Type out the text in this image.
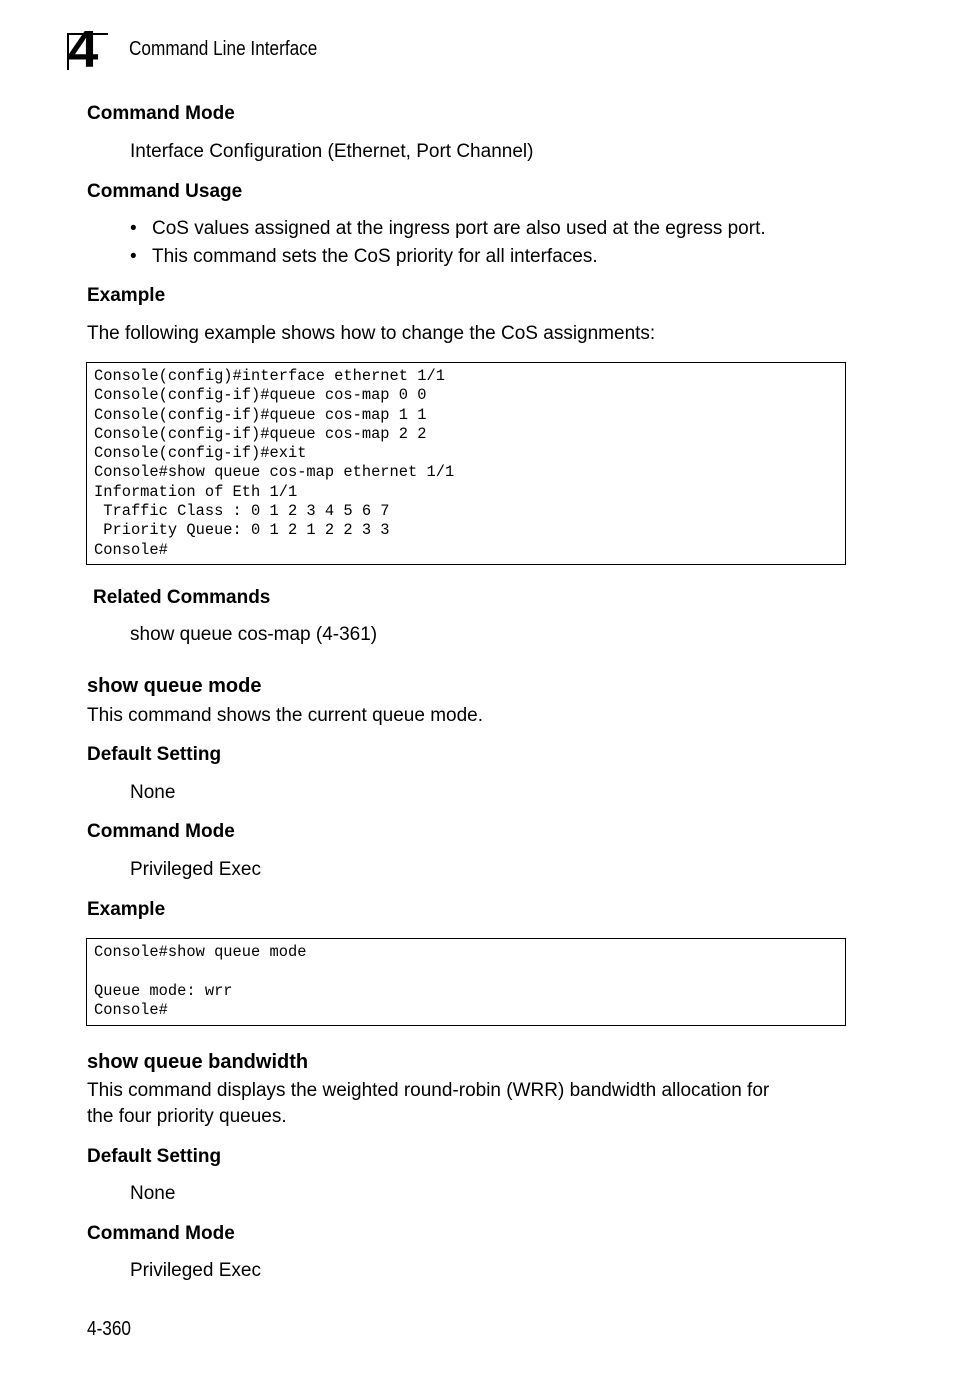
4 Command Line Interface
Command Mode
Interface Configuration (Ethernet, Port Channel)
Command Usage
• CoS values assigned at the ingress port are also used at the egress port.
• This command sets the CoS priority for all interfaces.
Example
The following example shows how to change the CoS assignments:
Console(config)#interface ethernet 1/1
Console(config-if)#queue cos-map 0 0
Console(config-if)#queue cos-map 1 1
Console(config-if)#queue cos-map 2 2
Console(config-if)#exit
Console#show queue cos-map ethernet 1/1
Information of Eth 1/1
Traffic Class : 0 1 2 3 4 5 6 7
Priority Queue: 0 1 2 1 2 2 3 3
Console#
Related Commands
show queue cos-map (4-361)
show queue mode
This command shows the current queue mode.
Default Setting
None
Command Mode
Privileged Exec
Example
Console#show queue mode
Queue mode: wrr
Console#
show queue bandwidth
This command displays the weighted round-robin (WRR) bandwidth allocation for
the four priority queues.
Default Setting
None
Command Mode
Privileged Exec
4-360
